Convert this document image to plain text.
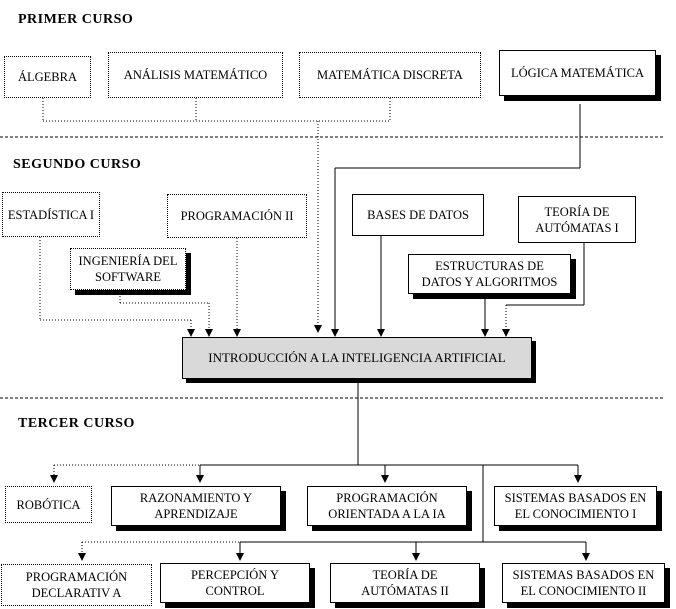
PRIMER CURSO
SEGUNDO CURSO
TERCER CURSO
ÁLGEBRA	ANÁLISIS MATEMÁTICO	MATEMÁTICA DISCRETA	LÓGICA MATEMÁTICA
ESTADÍSTICA I	PROGRAMACIÓN II	BASES DE DATOS	TEORÍA DE
AUTÓMATAS I
INGENIERÍA DEL
SOFTWARE
ESTRUCTURAS DE
DATOS Y ALGORITMOS
INTRODUCCIÓN A LA INTELIGENCIA ARTIFICIAL
ROBÓTICA	RAZONAMIENTO Y
APRENDIZAJE
PROGRAMACIÓN
ORIENTADA A LA IA
SISTEMAS BASADOS EN
EL CONOCIMIENTO I
PROGRAMACIÓN
DECLARATIV A
PERCEPCIÓN Y
CONTROL
TEORÍA DE
AUTÓMATAS II
SISTEMAS BASADOS EN
EL CONOCIMIENTO II
